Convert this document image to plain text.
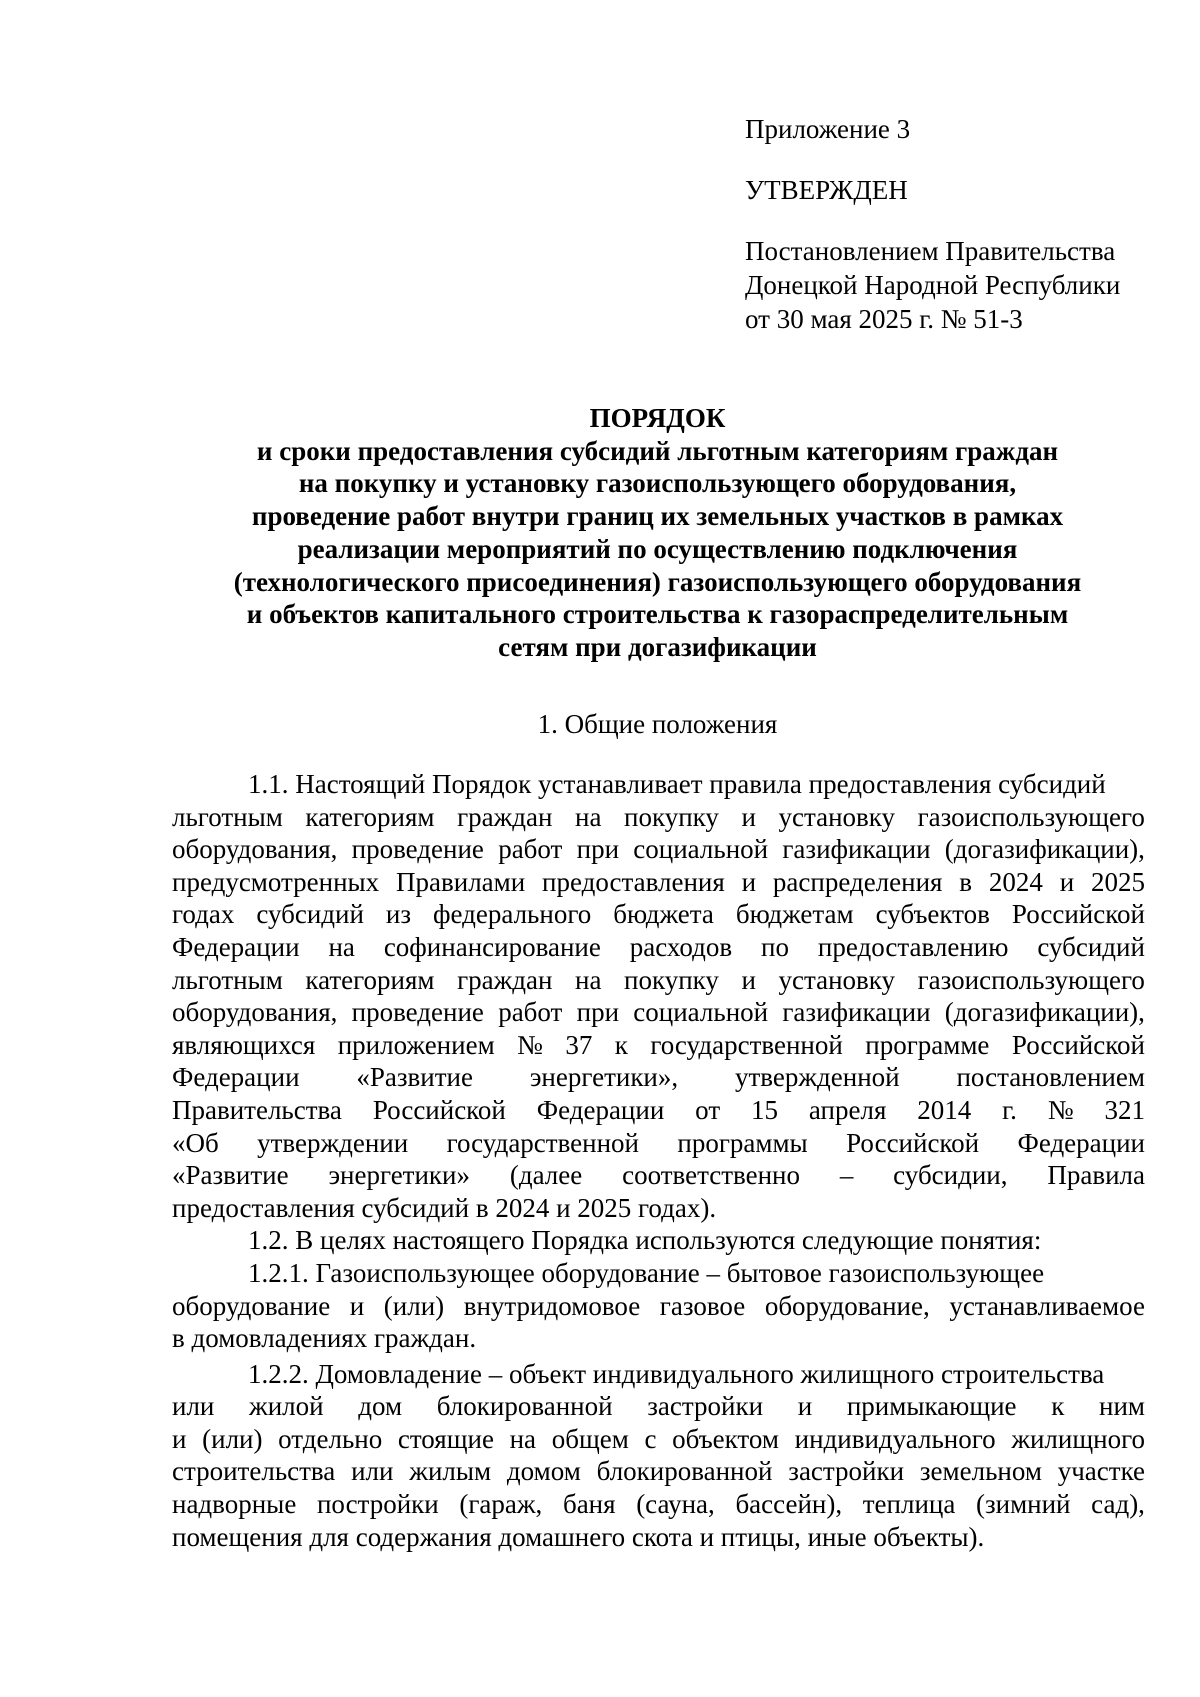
Приложение 3
УТВЕРЖДЕН
Постановлением Правительства
Донецкой Народной Республики
от 30 мая 2025 г. № 51-3
ПОРЯДОК
и сроки предоставления субсидий льготным категориям граждан
на покупку и установку газоиспользующего оборудования,
проведение работ внутри границ их земельных участков в рамках
реализации мероприятий по осуществлению подключения
(технологического присоединения) газоиспользующего оборудования
и объектов капитального строительства к газораспределительным
сетям при догазификации
1. Общие положения
1.1. Настоящий Порядок устанавливает правила предоставления субсидий
льготным категориям граждан на покупку и установку газоиспользующего
оборудования, проведение работ при социальной газификации (догазификации),
предусмотренных Правилами предоставления и распределения в 2024 и 2025
годах субсидий из федерального бюджета бюджетам субъектов Российской
Федерации на софинансирование расходов по предоставлению субсидий
льготным категориям граждан на покупку и установку газоиспользующего
оборудования, проведение работ при социальной газификации (догазификации),
являющихся приложением № 37 к государственной программе Российской
Федерации «Развитие энергетики», утвержденной постановлением
Правительства Российской Федерации от 15 апреля 2014 г. № 321
«Об утверждении государственной программы Российской Федерации
«Развитие энергетики» (далее соответственно – субсидии, Правила
предоставления субсидий в 2024 и 2025 годах).
1.2. В целях настоящего Порядка используются следующие понятия:
1.2.1. Газоиспользующее оборудование – бытовое газоиспользующее
оборудование и (или) внутридомовое газовое оборудование, устанавливаемое
в домовладениях граждан.
1.2.2. Домовладение – объект индивидуального жилищного строительства
или жилой дом блокированной застройки и примыкающие к ним
и (или) отдельно стоящие на общем с объектом индивидуального жилищного
строительства или жилым домом блокированной застройки земельном участке
надворные постройки (гараж, баня (сауна, бассейн), теплица (зимний сад),
помещения для содержания домашнего скота и птицы, иные объекты).
